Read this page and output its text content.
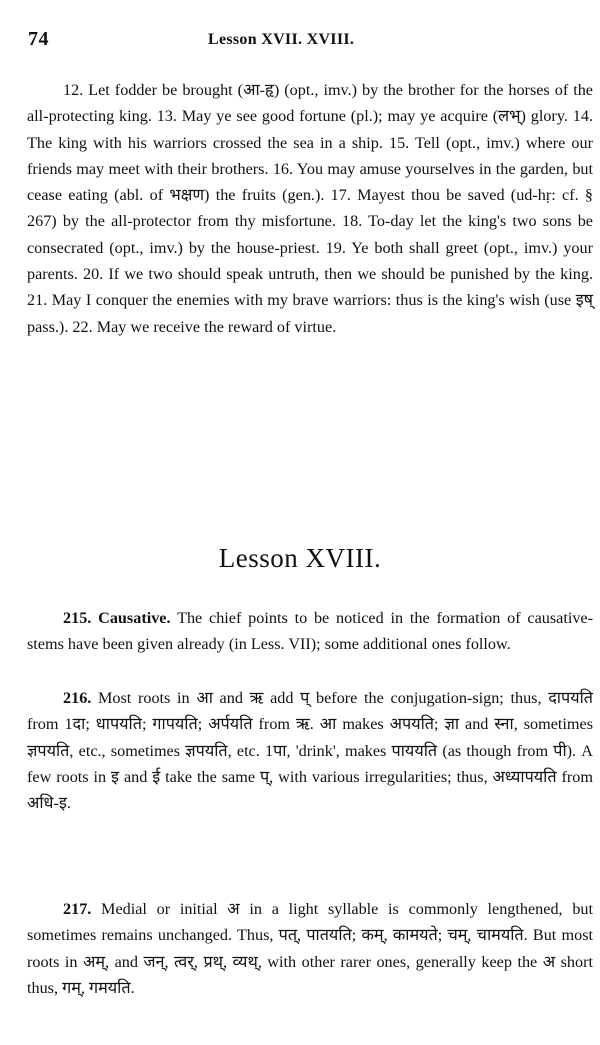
74	Lesson XVII. XVIII.
12. Let fodder be brought (आ-हृ) (opt., imv.) by the brother for the horses of the all-protecting king. 13. May ye see good fortune (pl.); may ye acquire (लभ्) glory. 14. The king with his warriors crossed the sea in a ship. 15. Tell (opt., imv.) where our friends may meet with their brothers. 16. You may amuse yourselves in the garden, but cease eating (abl. of भक्षण) the fruits (gen.). 17. Mayest thou be saved (ud-hṛ: cf. § 267) by the all-protector from thy misfortune. 18. To-day let the king's two sons be consecrated (opt., imv.) by the house-priest. 19. Ye both shall greet (opt., imv.) your parents. 20. If we two should speak untruth, then we should be punished by the king. 21. May I conquer the enemies with my brave warriors: thus is the king's wish (use इष् pass.). 22. May we receive the reward of virtue.
Lesson XVIII.
215. Causative. The chief points to be noticed in the formation of causative-stems have been given already (in Less. VII); some additional ones follow.
216. Most roots in आ and ऋ add प् before the conjugation-sign; thus, दापयति from 1दा; धापयति; गापयति; अर्पयति from ऋ. आ makes अपयति; ज्ञा and स्ना, sometimes ज्ञपयति, etc., sometimes ज्ञपयति, etc. 1पा, 'drink', makes पाययति (as though from पी). A few roots in इ and ई take the same प्, with various irregularities; thus, अध्यापयति from अधि-इ.
217. Medial or initial अ in a light syllable is commonly lengthened, but sometimes remains unchanged. Thus, पत्, पातयति; कम्, कामयते; चम्, चामयति. But most roots in अम्, and जन्, त्वर्, प्रथ्, व्यथ्, with other rarer ones, generally keep the अ short thus, गम्, गमयति.
